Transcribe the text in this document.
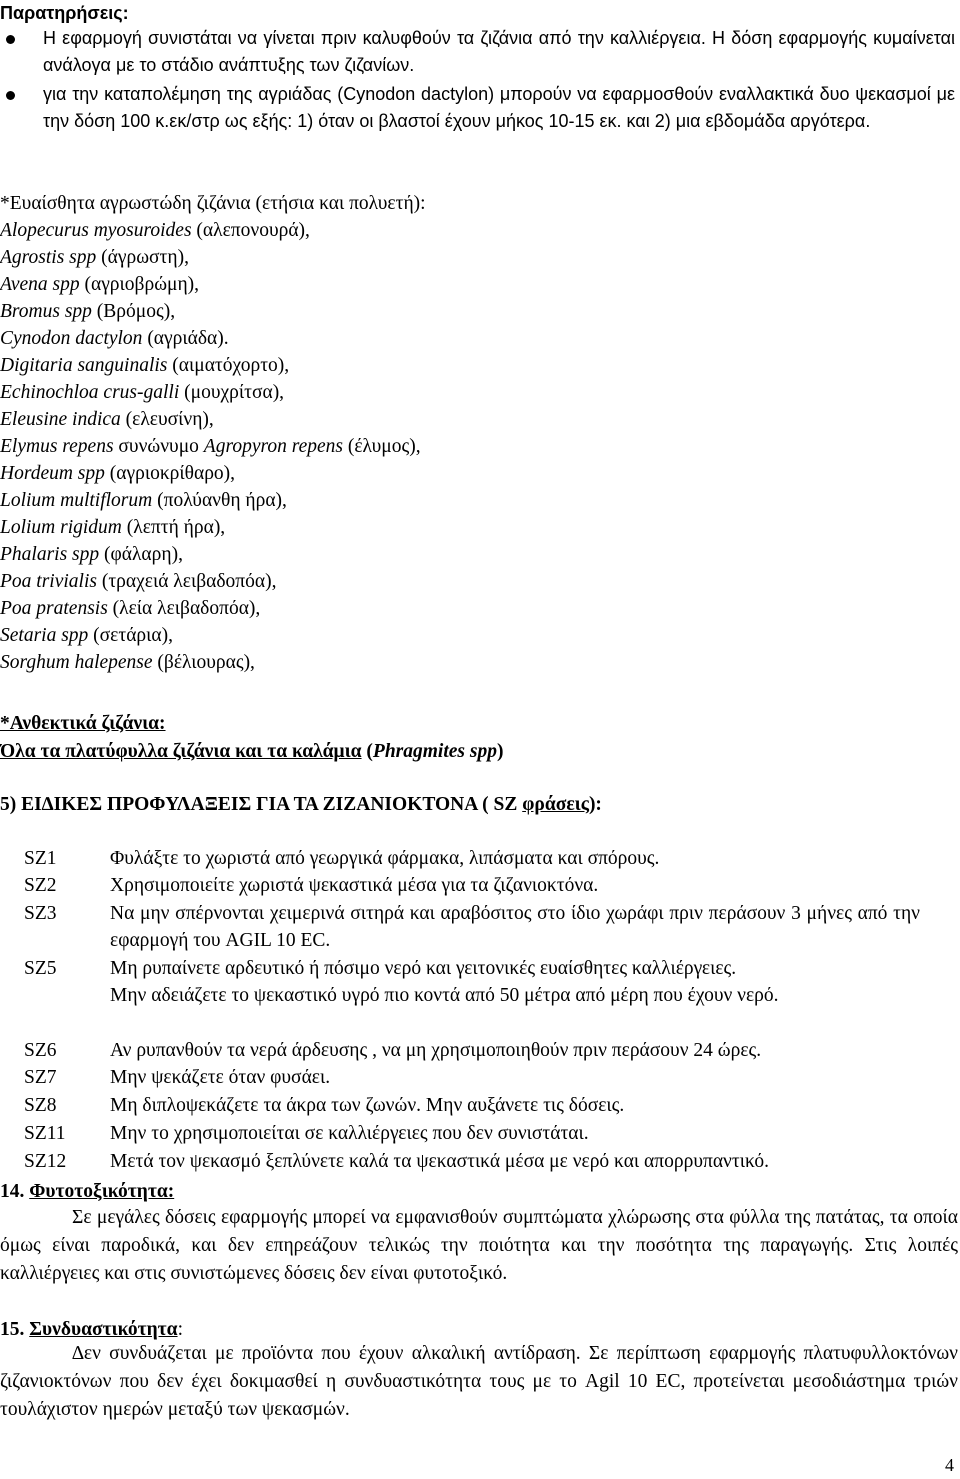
Παρατηρήσεις:
Η εφαρμογή συνιστάται να γίνεται πριν καλυφθούν τα ζιζάνια από την καλλιέργεια. Η δόση εφαρμογής κυμαίνεται ανάλογα με το στάδιο ανάπτυξης των ζιζανίων.
για την καταπολέμηση της αγριάδας (Cynodon dactylon) μπορούν να εφαρμοσθούν εναλλακτικά δυο ψεκασμοί με την δόση 100 κ.εκ/στρ ως εξής: 1) όταν οι βλαστοί έχουν μήκος 10-15 εκ. και 2) μια εβδομάδα αργότερα.
*Ευαίσθητα αγρωστώδη ζιζάνια (ετήσια και πολυετή):
Alopecurus myosuroides (αλεπονουρά),
Agrostis spp (άγρωστη),
Avena spp (αγριοβρώμη),
Bromus spp (Βρόμος),
Cynodon dactylon (αγριάδα).
Digitaria sanguinalis (αιματόχορτο),
Echinochloa crus-galli (μουχρίτσα),
Eleusine indica (ελευσίνη),
Elymus repens συνώνυμο Agropyron repens (έλυμος),
Hordeum spp (αγριοκρίθαρο),
Lolium multiflorum (πολύανθη ήρα),
Lolium rigidum (λεπτή ήρα),
Phalaris spp (φάλαρη),
Poa trivialis (τραχειά λειβαδοπόα),
Poa pratensis (λεία λειβαδοπόα),
Setaria spp (σετάρια),
Sorghum halepense (βέλιουρας),
*Ανθεκτικά ζιζάνια:
Όλα τα πλατύφυλλα ζιζάνια και τα καλάμια (Phragmites spp)
5) ΕΙ∆ΙΚΕΣ ΠΡΟΦΥΛΑΞΕΙΣ ΓΙΑ ΤΑ ΖΙΖΑΝΙΟΚΤΟΝΑ ( SZ φράσεις):
SZ1	Φυλάξτε το χωριστά από γεωργικά φάρμακα, λιπάσματα και σπόρους.
SZ2	Χρησιμοποιείτε χωριστά ψεκαστικά μέσα για τα ζιζανιοκτόνα.
SZ3	Να μην σπέρνονται χειμερινά σιτηρά και αραβόσιτος στο ίδιο χωράφι πριν περάσουν 3 μήνες από την εφαρμογή του AGIL 10 EC.
SZ5	Μη ρυπαίνετε αρδευτικό ή πόσιμο νερό και γειτονικές ευαίσθητες καλλιέργειες.
Μην αδειάζετε το ψεκαστικό υγρό πιο κοντά από 50 μέτρα από μέρη που έχουν νερό.
SZ6	Αν ρυπανθούν τα νερά άρδευσης , να μη χρησιμοποιηθούν πριν περάσουν 24 ώρες.
SZ7	Μην ψεκάζετε όταν φυσάει.
SZ8	Μη διπλοψεκάζετε τα άκρα των ζωνών. Μην αυξάνετε τις δόσεις.
SZ11	Μην το χρησιμοποιείται σε καλλιέργειες που δεν συνιστάται.
SZ12	Μετά τον ψεκασμό ξεπλύνετε καλά τα ψεκαστικά μέσα με νερό και απορρυπαντικό.
14. Φυτοτοξικότητα:
Σε μεγάλες δόσεις εφαρμογής μπορεί να εμφανισθούν συμπτώματα χλώρωσης στα φύλλα της πατάτας, τα οποία όμως είναι παροδικά, και δεν επηρεάζουν τελικώς την ποιότητα και την ποσότητα της παραγωγής. Στις λοιπές καλλιέργειες και στις συνιστώμενες δόσεις δεν είναι φυτοτοξικό.
15. Συνδυαστικότητα:
∆εν συνδυάζεται με προϊόντα που έχουν αλκαλική αντίδραση. Σε περίπτωση εφαρμογής πλατυφυλλοκτόνων ζιζανιοκτόνων που δεν έχει δοκιμασθεί η συνδυαστικότητα τους με το Agil 10 EC, προτείνεται μεσοδιάστημα τριών τουλάχιστον ημερών μεταξύ των ψεκασμών.
4
